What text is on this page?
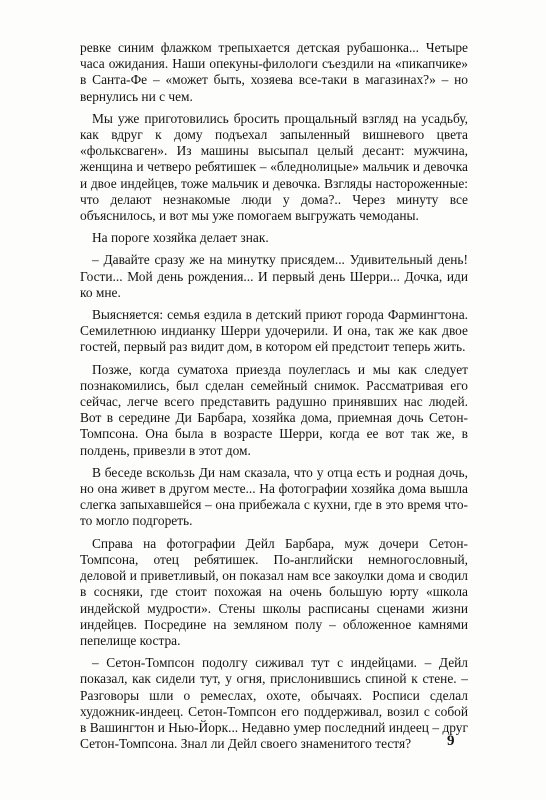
ревке синим флажком трепыхается детская рубашонка... Четыре часа ожидания. Наши опекуны-филологи съездили на «пикапчике» в Санта-Фе – «может быть, хозяева все-таки в магазинах?» – но вернулись ни с чем.

Мы уже приготовились бросить прощальный взгляд на усадьбу, как вдруг к дому подъехал запыленный вишневого цвета «фольксваген». Из машины высыпал целый десант: мужчина, женщина и четверо ребятишек – «бледнолицые» мальчик и девочка и двое индейцев, тоже мальчик и девочка. Взгляды настороженные: что делают незнакомые люди у дома?.. Через минуту все объяснилось, и вот мы уже помогаем выгружать чемоданы.

На пороге хозяйка делает знак.

– Давайте сразу же на минутку присядем... Удивительный день! Гости... Мой день рождения... И первый день Шерри... Дочка, иди ко мне.

Выясняется: семья ездила в детский приют города Фармингтона. Семилетнюю индианку Шерри удочерили. И она, так же как двое гостей, первый раз видит дом, в котором ей предстоит теперь жить.

Позже, когда суматоха приезда поулеглась и мы как следует познакомились, был сделан семейный снимок. Рассматривая его сейчас, легче всего представить радушно принявших нас людей. Вот в середине Ди Барбара, хозяйка дома, приемная дочь Сетон-Томпсона. Она была в возрасте Шерри, когда ее вот так же, в полдень, привезли в этот дом.

В беседе вскользь Ди нам сказала, что у отца есть и родная дочь, но она живет в другом месте... На фотографии хозяйка дома вышла слегка запыхавшейся – она прибежала с кухни, где в это время что-то могло подгореть.

Справа на фотографии Дейл Барбара, муж дочери Сетон-Томпсона, отец ребятишек. По-английски немногословный, деловой и приветливый, он показал нам все закоулки дома и сводил в сосняки, где стоит похожая на очень большую юрту «школа индейской мудрости». Стены школы расписаны сценами жизни индейцев. Посредине на земляном полу – обложенное камнями пепелище костра.

– Сетон-Томпсон подолгу сиживал тут с индейцами. – Дейл показал, как сидели тут, у огня, прислонившись спиной к стене. – Разговоры шли о ремеслах, охоте, обычаях. Росписи сделал художник-индеец. Сетон-Томпсон его поддерживал, возил с собой в Вашингтон и Нью-Йорк... Недавно умер последний индеец – друг Сетон-Томпсона. Знал ли Дейл своего знаменитого тестя?	9
